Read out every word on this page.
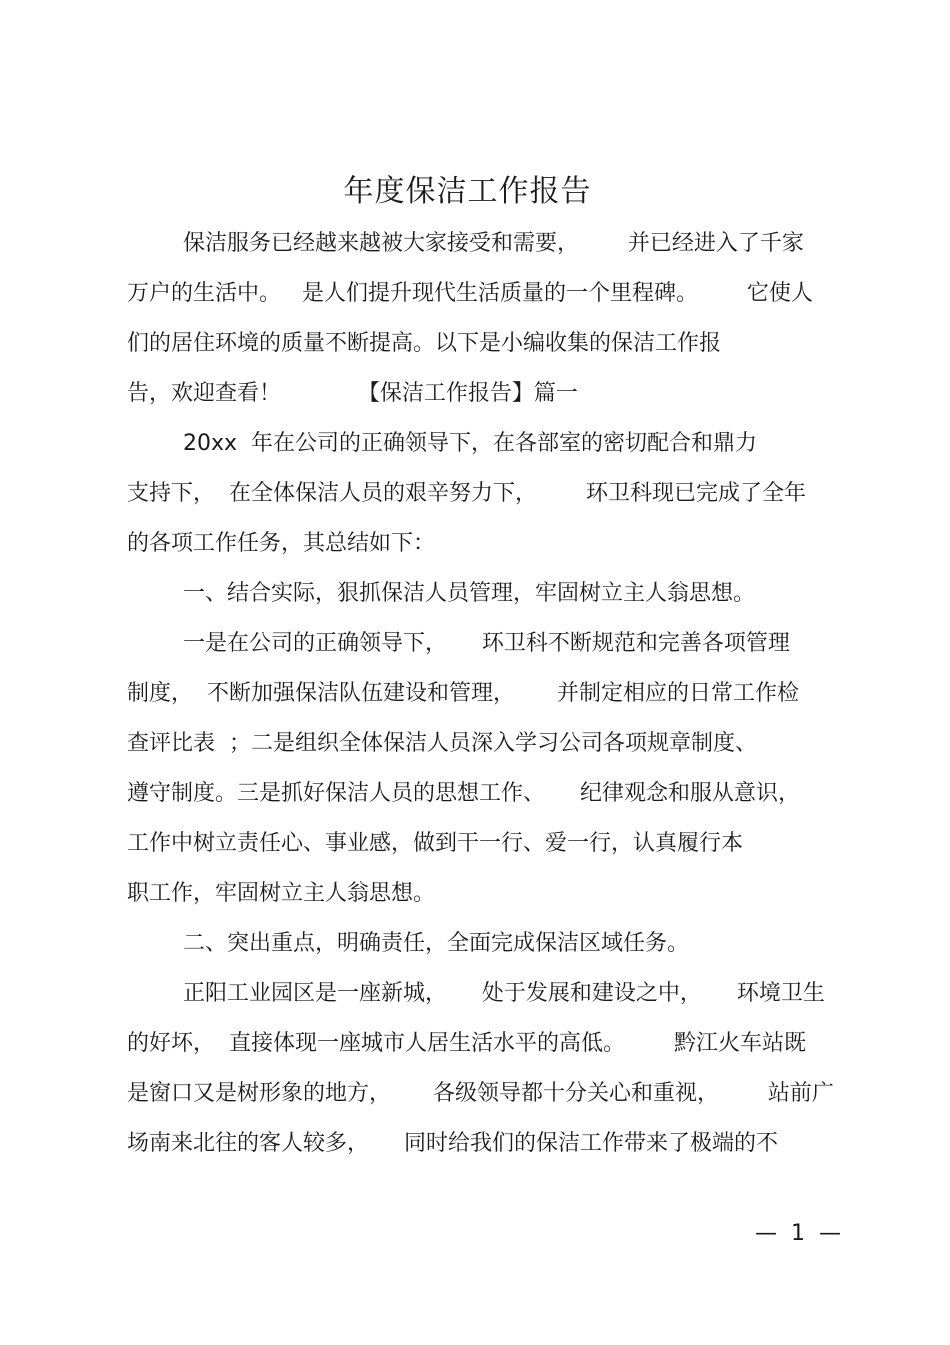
年度保洁工作报告
保洁服务已经越来越被大家接受和需要，       并已经进入了千家
万户的生活中。   是人们提升现代生活质量的一个里程碑。       它使人
们的居住环境的质量不断提高。以下是小编收集的保洁工作报
告，欢迎查看！           【保洁工作报告】篇一
20xx  年在公司的正确领导下，在各部室的密切配合和鼎力
支持下，  在全体保洁人员的艰辛努力下，       环卫科现已完成了全年
的各项工作任务，其总结如下：
一、结合实际，狠抓保洁人员管理，牢固树立主人翁思想。
一是在公司的正确领导下，     环卫科不断规范和完善各项管理
制度，  不断加强保洁队伍建设和管理，      并制定相应的日常工作检
查评比表  ；二是组织全体保洁人员深入学习公司各项规章制度、
遵守制度。三是抓好保洁人员的思想工作、     纪律观念和服从意识，
工作中树立责任心、事业感，做到干一行、爱一行，认真履行本
职工作，牢固树立主人翁思想。
二、突出重点，明确责任，全面完成保洁区域任务。
正阳工业园区是一座新城，     处于发展和建设之中，     环境卫生
的好坏，  直接体现一座城市人居生活水平的高低。       黔江火车站既
是窗口又是树形象的地方，      各级领导都十分关心和重视，       站前广
场南来北往的客人较多，     同时给我们的保洁工作带来了极端的不
—  1  —
